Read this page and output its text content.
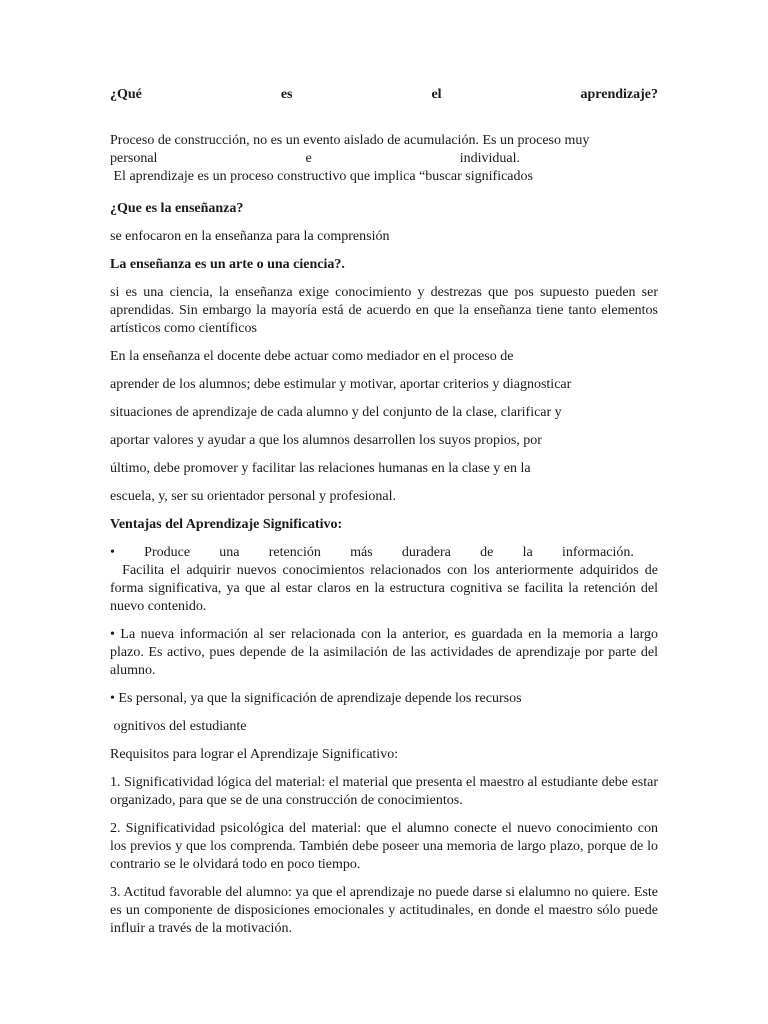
¿Qué	es	el	aprendizaje?
Proceso de construcción, no es un evento aislado de acumulación. Es un proceso muy
personal	e	individual.
El aprendizaje es un proceso constructivo que implica “buscar significados

¿Que es la enseñanza?

se enfocaron en la enseñanza para la comprensión

La enseñanza es un arte o una ciencia?.

si es una ciencia, la enseñanza exige conocimiento y destrezas que pos supuesto pueden ser aprendidas. Sin embargo la mayoría está de acuerdo en que la enseñanza tiene tanto elementos artísticos como científicos

En la enseñanza el docente debe actuar como mediador en el proceso de

aprender de los alumnos; debe estimular y motivar, aportar criterios y diagnosticar

situaciones de aprendizaje de cada alumno y del conjunto de la clase, clarificar y

aportar valores y ayudar a que los alumnos desarrollen los suyos propios, por

último, debe promover y facilitar las relaciones humanas en la clase y en la

escuela, y, ser su orientador personal y profesional.

Ventajas del Aprendizaje Significativo:

• Produce una retención más duradera de la información.
Facilita el adquirir nuevos conocimientos relacionados con los anteriormente adquiridos de forma significativa, ya que al estar claros en la estructura cognitiva se facilita la retención del nuevo contenido.

• La nueva información al ser relacionada con la anterior, es guardada en la memoria a largo plazo. Es activo, pues depende de la asimilación de las actividades de aprendizaje por parte del alumno.

• Es personal, ya que la significación de aprendizaje depende los recursos

ognitivos del estudiante

Requisitos para lograr el Aprendizaje Significativo:

1. Significatividad lógica del material: el material que presenta el maestro al estudiante debe estar organizado, para que se de una construcción de conocimientos.

2. Significatividad psicológica del material: que el alumno conecte el nuevo conocimiento con los previos y que los comprenda. También debe poseer una memoria de largo plazo, porque de lo contrario se le olvidará todo en poco tiempo.

3. Actitud favorable del alumno: ya que el aprendizaje no puede darse si elalumno no quiere. Este es un componente de disposiciones emocionales y actitudinales, en donde el maestro sólo puede influir a través de la motivación.
